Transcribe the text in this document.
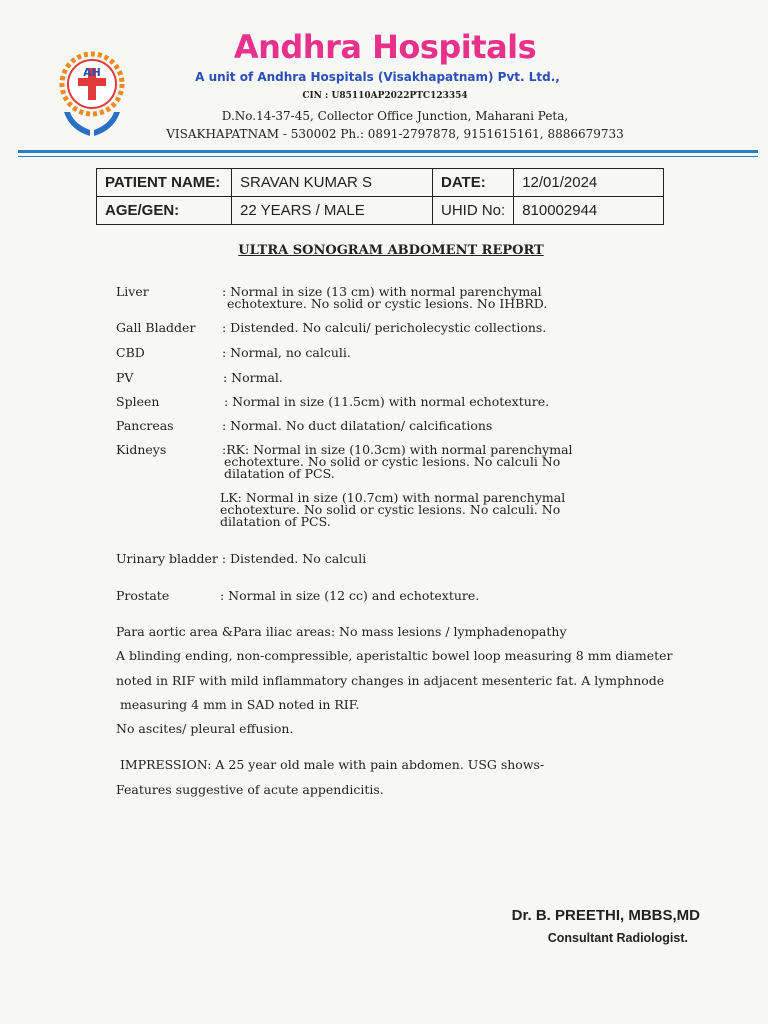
AH
Andhra Hospitals
A unit of Andhra Hospitals (Visakhapatnam) Pvt. Ltd.,
CIN : U85110AP2022PTC123354
D.No.14-37-45, Collector Office Junction, Maharani Peta,
VISAKHAPATNAM - 530002 Ph.: 0891-2797878, 9151615161, 8886679733
PATIENT NAME:	SRAVAN KUMAR S	DATE:	12/01/2024
AGE/GEN:	22 YEARS / MALE	UHID No:	810002944
ULTRA SONOGRAM ABDOMENT REPORT
Liver	: Normal in size (13 cm) with normal parenchymal
echotexture. No solid or cystic lesions. No IHBRD.
Gall Bladder : Distended. No calculi/ pericholecystic collections.
CBD	: Normal, no calculi.
PV	: Normal.
Spleen	: Normal in size (11.5cm) with normal echotexture.
Pancreas	: Normal. No duct dilatation/ calcifications
Kidneys	:RK: Normal in size (10.3cm) with normal parenchymal
echotexture. No solid or cystic lesions. No calculi No
dilatation of PCS.
LK: Normal in size (10.7cm) with normal parenchymal
echotexture. No solid or cystic lesions. No calculi. No
dilatation of PCS.
Urinary bladder : Distended. No calculi
Prostate	: Normal in size (12 cc) and echotexture.
Para aortic area &Para iliac areas: No mass lesions / lymphadenopathy
A blinding ending, non-compressible, aperistaltic bowel loop measuring 8 mm diameter
noted in RIF with mild inflammatory changes in adjacent mesenteric fat. A lymphnode
measuring 4 mm in SAD noted in RIF.
No ascites/ pleural effusion.
IMPRESSION: A 25 year old male with pain abdomen. USG shows-
Features suggestive of acute appendicitis.
Dr. B. PREETHI, MBBS,MD
Consultant Radiologist.
